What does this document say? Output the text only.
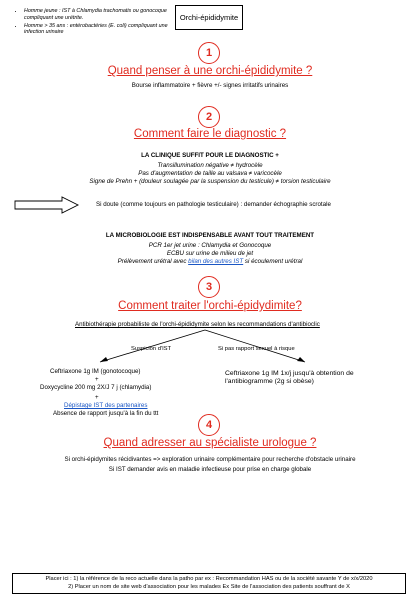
• Homme jeune : IST à Chlamydia trachomatis ou gonocoque compliquant une urétrite.
• Homme > 35 ans : entérobactéries (E. coli) compliquant une infection urinaire
Orchi-épididymite
1
Quand penser à une orchi-épididymite ?
Bourse inflammatoire + fièvre +/- signes irritatifs urinaires
2
Comment faire le diagnostic ?
LA CLINIQUE SUFFIT POUR LE DIAGNOSTIC +
Transillumination négative ≠ hydrocèle
Pas d'augmentation de taille au valsava ≠ varicocèle
Signe de Prehn + (douleur soulagée par la suspension du testicule) ≠ torsion testiculaire
Si doute (comme toujours en pathologie testiculaire) : demander échographie scrotale
LA MICROBIOLOGIE EST INDISPENSABLE AVANT TOUT TRAITEMENT
PCR 1er jet urine : Chlamydia et Gonocoque
ECBU sur urine de milieu de jet
Prélèvement urétral avec bilan des autres IST si écoulement urétral
3
Comment traiter l'orchi-épidydimite?
Antibiothérapie probabiliste de l'orchi-épididymite selon les recommandations d'antibioclic
Suspicion d'IST	Si pas rapport sexuel à risque
Ceftriaxone 1g IM (gonotocoque)
+
Doxycycline 200 mg 2X/J 7 j (chlamydia)
+
Dépistage IST des partenaires
Absence de rapport jusqu'à la fin du ttt
Ceftriaxone 1g IM 1x/j jusqu'à obtention de
l'antibiogramme (2g si obèse)
4
Quand adresser au spécialiste urologue ?
Si orchi-épidymites récidivantes => exploration urinaire complémentaire pour recherche d'obstacle urinaire
Si IST demander avis en maladie infectieuse pour prise en charge globale
Placer ici : 1) la référence de la reco actuelle dans la patho par ex : Recommandation HAS ou de la société savante Y de x/x/2020
2) Placer un nom de site web d'association pour les malades Ex Site de l'association des patients souffrant de X
